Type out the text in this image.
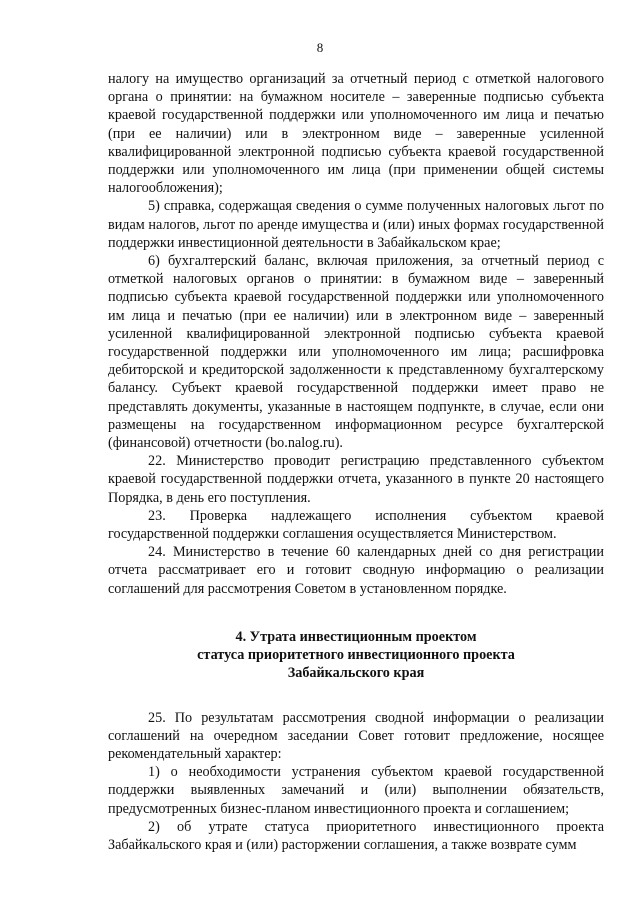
8

налогу на имущество организаций за отчетный период с отметкой налогового органа о принятии: на бумажном носителе – заверенные подписью субъекта краевой государственной поддержки или уполномоченного им лица и печатью (при ее наличии) или в электронном виде – заверенные усиленной квалифицированной электронной подписью субъекта краевой государственной поддержки или уполномоченного им лица (при применении общей системы налогообложения);

5) справка, содержащая сведения о сумме полученных налоговых льгот по видам налогов, льгот по аренде имущества и (или) иных формах государственной поддержки инвестиционной деятельности в Забайкальском крае;

6) бухгалтерский баланс, включая приложения, за отчетный период с отметкой налоговых органов о принятии: в бумажном виде – заверенный подписью субъекта краевой государственной поддержки или уполномоченного им лица и печатью (при ее наличии) или в электронном виде – заверенный усиленной квалифицированной электронной подписью субъекта краевой государственной поддержки или уполномоченного им лица; расшифровка дебиторской и кредиторской задолженности к представленному бухгалтерскому балансу. Субъект краевой государственной поддержки имеет право не представлять документы, указанные в настоящем подпункте, в случае, если они размещены на государственном информационном ресурсе бухгалтерской (финансовой) отчетности (bo.nalog.ru).

22. Министерство проводит регистрацию представленного субъектом краевой государственной поддержки отчета, указанного в пункте 20 настоящего Порядка, в день его поступления.

23. Проверка надлежащего исполнения субъектом краевой государственной поддержки соглашения осуществляется Министерством.

24. Министерство в течение 60 календарных дней со дня регистрации отчета рассматривает его и готовит сводную информацию о реализации соглашений для рассмотрения Советом в установленном порядке.

4. Утрата инвестиционным проектом
статуса приоритетного инвестиционного проекта
Забайкальского края

25. По результатам рассмотрения сводной информации о реализации соглашений на очередном заседании Совет готовит предложение, носящее рекомендательный характер:

1) о необходимости устранения субъектом краевой государственной поддержки выявленных замечаний и (или) выполнении обязательств, предусмотренных бизнес-планом инвестиционного проекта и соглашением;

2) об утрате статуса приоритетного инвестиционного проекта Забайкальского края и (или) расторжении соглашения, а также возврате сумм
